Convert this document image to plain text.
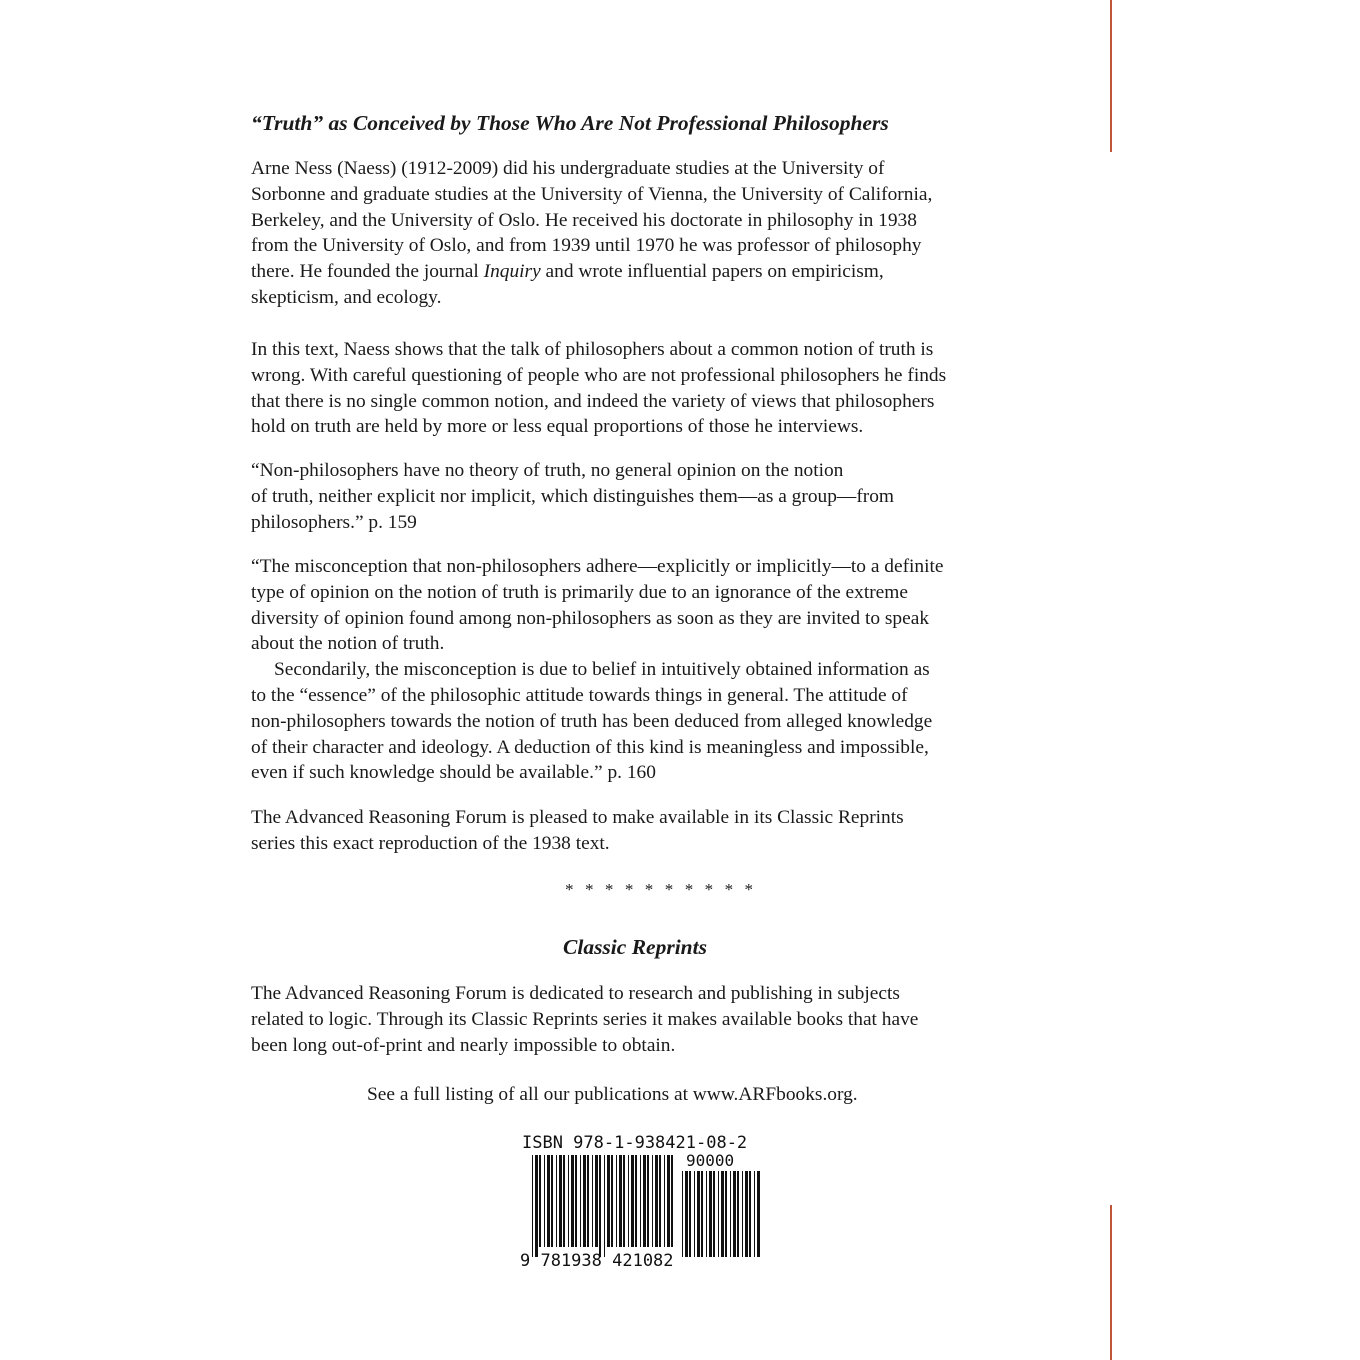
“Truth” as Conceived by Those Who Are Not Professional Philosophers
Arne Ness (Naess) (1912-2009) did his undergraduate studies at the University of
Sorbonne and graduate studies at the University of Vienna, the University of California,
Berkeley, and the University of Oslo. He received his doctorate in philosophy in 1938
from the University of Oslo, and from 1939 until 1970 he was professor of philosophy
there. He founded the journal Inquiry and wrote influential papers on empiricism,
skepticism, and ecology.
In this text, Naess shows that the talk of philosophers about a common notion of truth is
wrong. With careful questioning of people who are not professional philosophers he finds
that there is no single common notion, and indeed the variety of views that philosophers
hold on truth are held by more or less equal proportions of those he interviews.
“Non-philosophers have no theory of truth, no general opinion on the notion
of truth, neither explicit nor implicit, which distinguishes them—as a group—from
philosophers.” p. 159
“The misconception that non-philosophers adhere—explicitly or implicitly—to a definite
type of opinion on the notion of truth is primarily due to an ignorance of the extreme
diversity of opinion found among non-philosophers as soon as they are invited to speak
about the notion of truth.
Secondarily, the misconception is due to belief in intuitively obtained information as
to the “essence” of the philosophic attitude towards things in general. The attitude of
non-philosophers towards the notion of truth has been deduced from alleged knowledge
of their character and ideology. A deduction of this kind is meaningless and impossible,
even if such knowledge should be available.” p. 160
The Advanced Reasoning Forum is pleased to make available in its Classic Reprints
series this exact reproduction of the 1938 text.
* * * * * * * * * *
Classic Reprints
The Advanced Reasoning Forum is dedicated to research and publishing in subjects
related to logic. Through its Classic Reprints series it makes available books that have
been long out-of-print and nearly impossible to obtain.
See a full listing of all our publications at www.ARFbooks.org.
ISBN 978-1-938421-08-2
90000
9 781938 421082
